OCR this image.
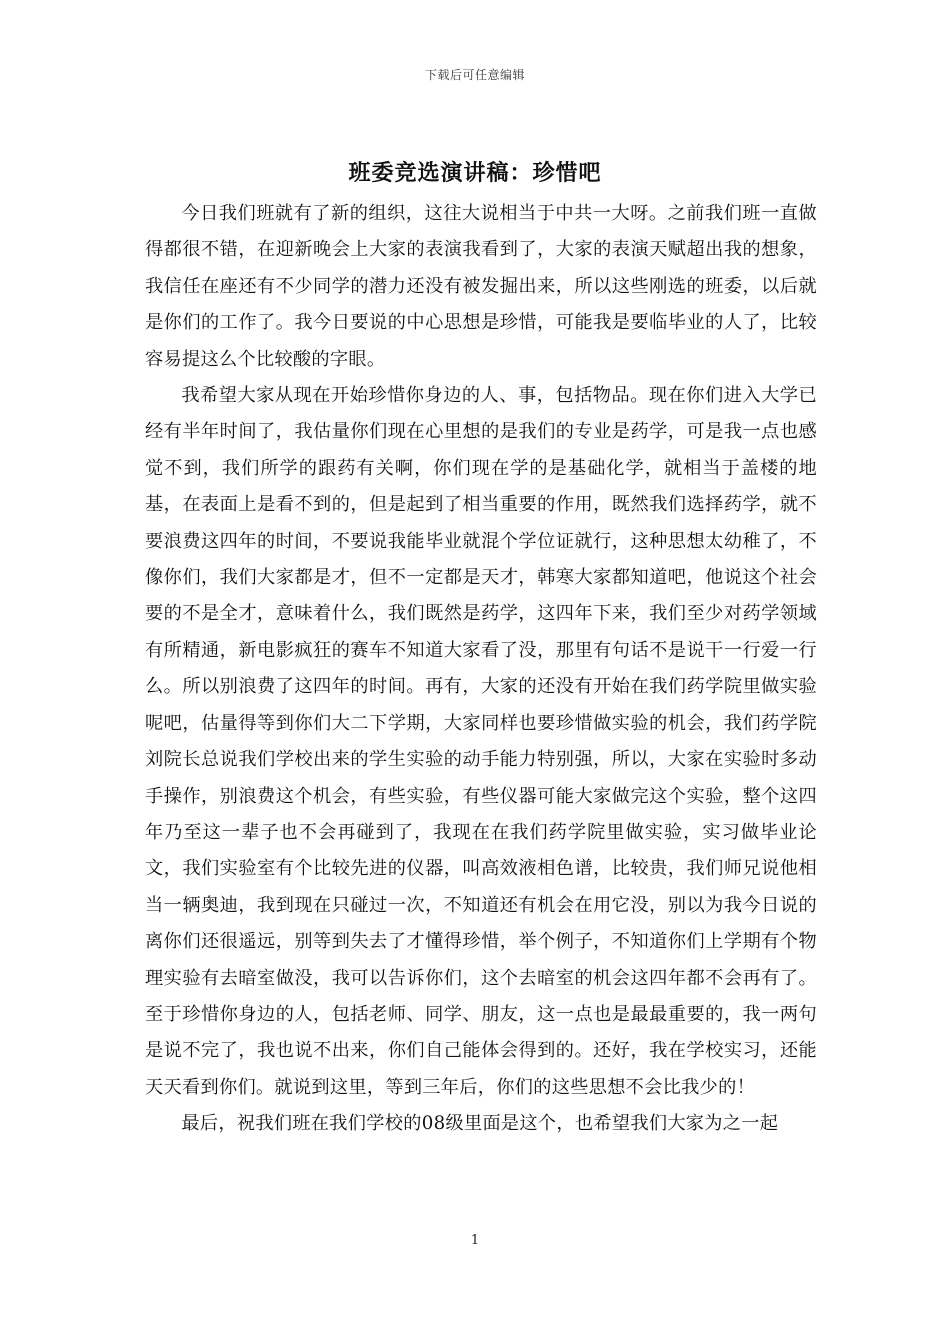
下载后可任意编辑
班委竞选演讲稿：珍惜吧

今日我们班就有了新的组织，这往大说相当于中共一大呀。之前我们班一直做得都很不错，在迎新晚会上大家的表演我看到了，大家的表演天赋超出我的想象，我信任在座还有不少同学的潜力还没有被发掘出来，所以这些刚选的班委，以后就是你们的工作了。我今日要说的中心思想是珍惜，可能我是要临毕业的人了，比较容易提这么个比较酸的字眼。

我希望大家从现在开始珍惜你身边的人、事，包括物品。现在你们进入大学已经有半年时间了，我估量你们现在心里想的是我们的专业是药学，可是我一点也感觉不到，我们所学的跟药有关啊，你们现在学的是基础化学，就相当于盖楼的地基，在表面上是看不到的，但是起到了相当重要的作用，既然我们选择药学，就不要浪费这四年的时间，不要说我能毕业就混个学位证就行，这种思想太幼稚了，不像你们，我们大家都是才，但不一定都是天才，韩寒大家都知道吧，他说这个社会要的不是全才，意味着什么，我们既然是药学，这四年下来，我们至少对药学领域有所精通，新电影疯狂的赛车不知道大家看了没，那里有句话不是说干一行爱一行么。所以别浪费了这四年的时间。再有，大家的还没有开始在我们药学院里做实验呢吧，估量得等到你们大二下学期，大家同样也要珍惜做实验的机会，我们药学院刘院长总说我们学校出来的学生实验的动手能力特别强，所以，大家在实验时多动手操作，别浪费这个机会，有些实验，有些仪器可能大家做完这个实验，整个这四年乃至这一辈子也不会再碰到了，我现在在我们药学院里做实验，实习做毕业论文，我们实验室有个比较先进的仪器，叫高效液相色谱，比较贵，我们师兄说他相当一辆奥迪，我到现在只碰过一次，不知道还有机会在用它没，别以为我今日说的离你们还很遥远，别等到失去了才懂得珍惜，举个例子，不知道你们上学期有个物理实验有去暗室做没，我可以告诉你们，这个去暗室的机会这四年都不会再有了。至于珍惜你身边的人，包括老师、同学、朋友，这一点也是最最重要的，我一两句是说不完了，我也说不出来，你们自己能体会得到的。还好，我在学校实习，还能天天看到你们。就说到这里，等到三年后，你们的这些思想不会比我少的！

最后，祝我们班在我们学校的08级里面是这个，也希望我们大家为之一起

1
